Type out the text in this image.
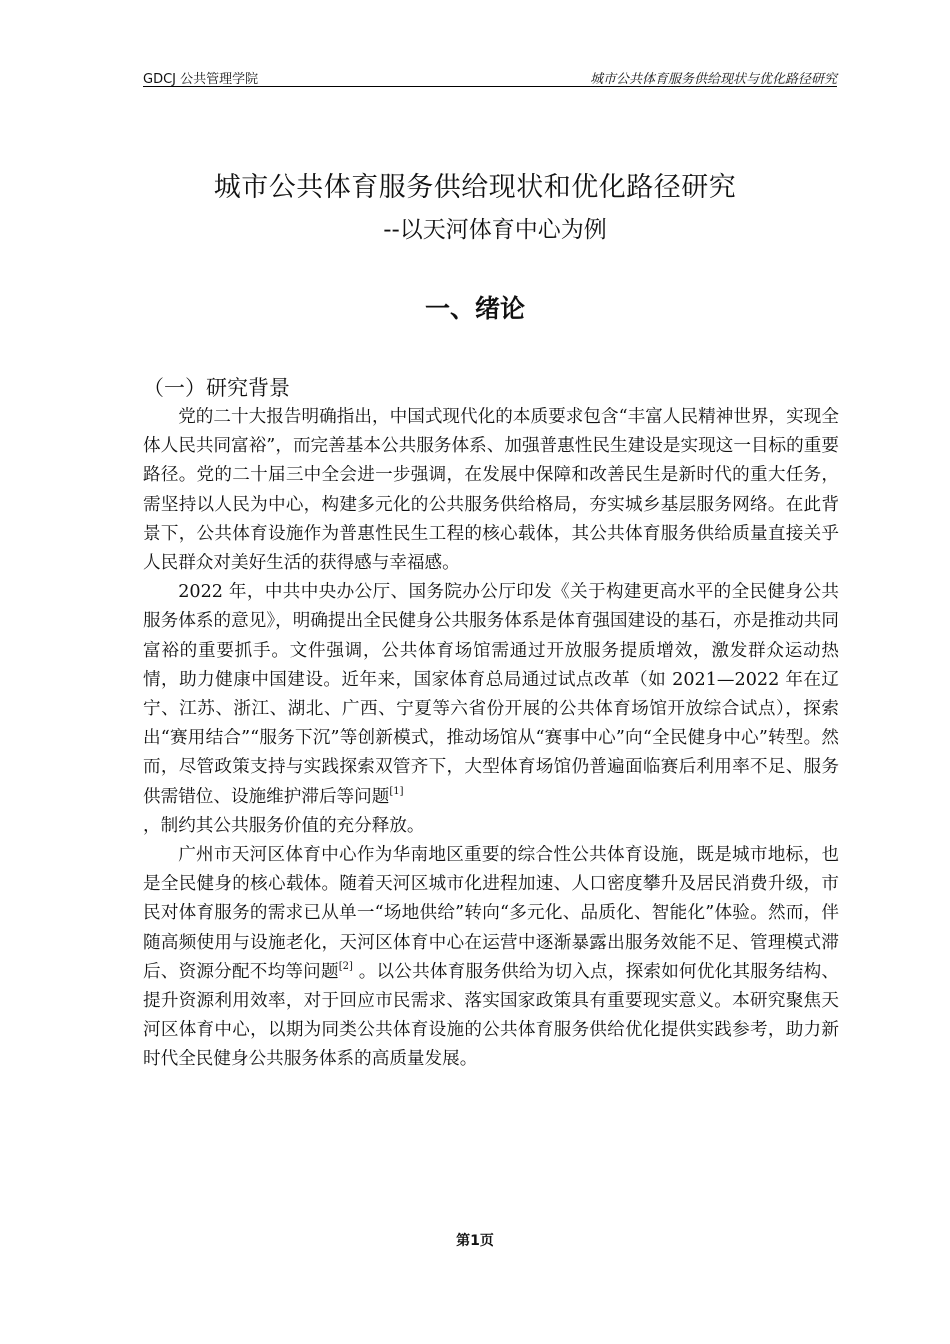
GDCJ 公共管理学院	城市公共体育服务供给现状与优化路径研究
城市公共体育服务供给现状和优化路径研究
--以天河体育中心为例
一、绪论
（一）研究背景

党的二十大报告明确指出，中国式现代化的本质要求包含“丰富人民精神世界，实现全体人民共同富裕”，而完善基本公共服务体系、加强普惠性民生建设是实现这一目标的重要路径。党的二十届三中全会进一步强调，在发展中保障和改善民生是新时代的重大任务，需坚持以人民为中心，构建多元化的公共服务供给格局，夯实城乡基层服务网络。在此背景下，公共体育设施作为普惠性民生工程的核心载体，其公共体育服务供给质量直接关乎人民群众对美好生活的获得感与幸福感。

2022 年，中共中央办公厅、国务院办公厅印发《关于构建更高水平的全民健身公共服务体系的意见》，明确提出全民健身公共服务体系是体育强国建设的基石，亦是推动共同富裕的重要抓手。文件强调，公共体育场馆需通过开放服务提质增效，激发群众运动热情，助力健康中国建设。近年来，国家体育总局通过试点改革（如 2021—2022 年在辽宁、江苏、浙江、湖北、广西、宁夏等六省份开展的公共体育场馆开放综合试点），探索出“赛用结合”“服务下沉”等创新模式，推动场馆从“赛事中心”向“全民健身中心”转型。然而，尽管政策支持与实践探索双管齐下，大型体育场馆仍普遍面临赛后利用率不足、服务供需错位、设施维护滞后等问题[1]
，制约其公共服务价值的充分释放。

广州市天河区体育中心作为华南地区重要的综合性公共体育设施，既是城市地标，也是全民健身的核心载体。随着天河区城市化进程加速、人口密度攀升及居民消费升级，市民对体育服务的需求已从单一“场地供给”转向“多元化、品质化、智能化”体验。然而，伴随高频使用与设施老化，天河区体育中心在运营中逐渐暴露出服务效能不足、管理模式滞后、资源分配不均等问题[2] 。以公共体育服务供给为切入点，探索如何优化其服务结构、提升资源利用效率，对于回应市民需求、落实国家政策具有重要现实意义。本研究聚焦天河区体育中心，以期为同类公共体育设施的公共体育服务供给优化提供实践参考，助力新时代全民健身公共服务体系的高质量发展。

第1页
